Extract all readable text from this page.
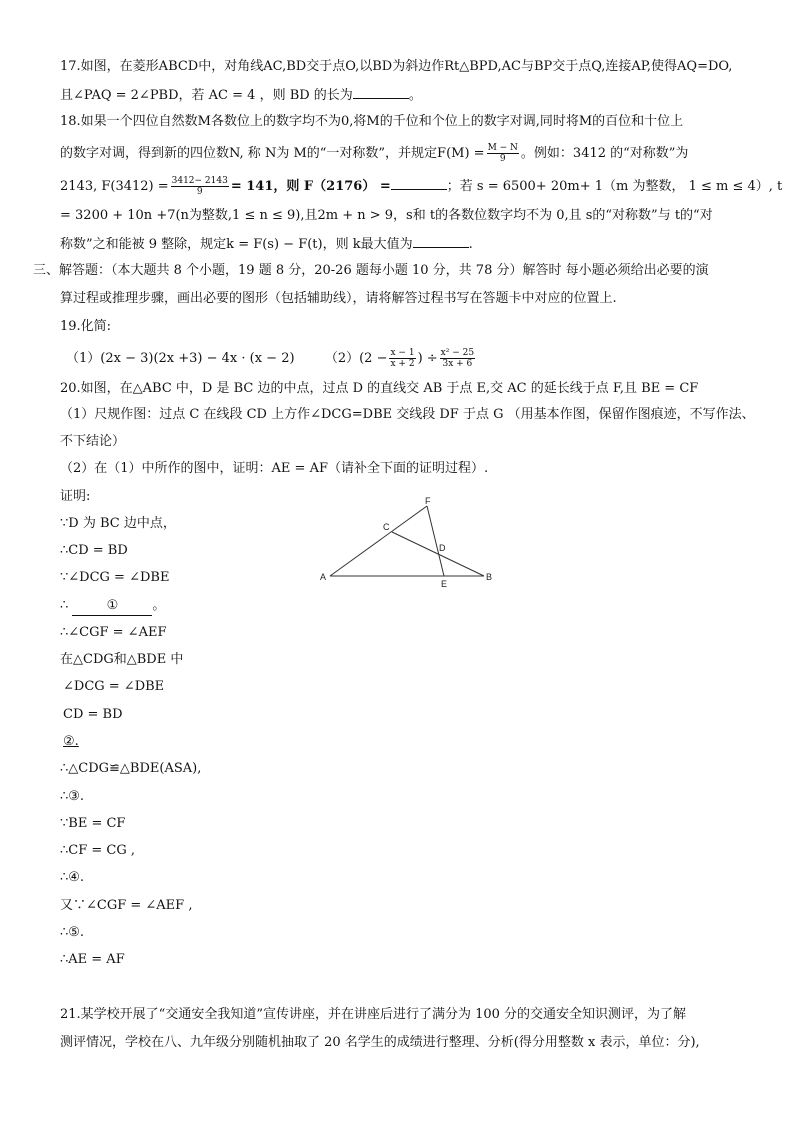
17.如图，在菱形ABCD中，对角线AC,BD交于点O,以BD为斜边作Rt△BPD,AC与BP交于点Q,连接AP,使得AQ=DO,
且∠PAQ = 2∠PBD，若 AC = 4 ，则 BD 的长为	。
18.如果一个四位自然数M各数位上的数字均不为0,将M的千位和个位上的数字对调,同时将M的百位和十位上
的数字对调，得到新的四位数N, 称 N为 M的“一对称数”，并规定$F(M) = \frac{M - N}{9}$ 。例如：3412 的“对称数”为
2143, $F(3412) = \frac{3412- 2143}{9} = 141$，则 F（2176） =	；若 s = 6500+ 20m+ 1（m 为整数， 1 ≤ m ≤ 4）, t
= 3200 + 10n +7(n为整数,1 ≤ n ≤ 9),且2m + n > 9，s和 t的各数位数字均不为 0,且 s的“对称数”与 t的“对
称数”之和能被 9 整除，规定k = F(s) − F(t)，则 k最大值为	.
三、解答题：（本大题共 8 个小题，19 题 8 分，20-26 题每小题 10 分，共 78 分）解答时 每小题必须给出必要的演
算过程或推理步骤，画出必要的图形（包括辅助线），请将解答过程书写在答题卡中对应的位置上.
19.化简:
（1）(2x − 3)(2x +3) − 4x · (x − 2) $(2)(2 - \frac{x - 1}{x + 2}$ ) ÷ $\frac{\text{x² − 25}}{3x + 6}$
20.如图，在△ABC 中，D 是 BC 边的中点，过点 D 的直线交 AB 于点 E,交 AC 的延长线于点 F,且 BE = CF
（1）尺规作图：过点 C 在线段 CD 上方作∠DCG=DBE 交线段 DF 于点 G （用基本作图，保留作图痕迹，不写作法、
不下结论）
（2）在（1）中所作的图中，证明：AE = AF（请补全下面的证明过程）.
证明:
∵D 为 BC 边中点，
∴CD = BD
∵∠DCG = ∠DBE
∴	①	。
∴∠CGF = ∠AEF
在△CDG和△BDE 中
∠DCG = ∠DBE
CD = BD
②.
∴△CDG≌△BDE(ASA),
∴③.
∵BE = CF
∴CF = CG ,
∴④.
又∵∠CGF = ∠AEF ,
∴⑤.
∴AE = AF
A	B
C
D
E
F
21.某学校开展了“交通安全我知道”宣传讲座，并在讲座后进行了满分为 100 分的交通安全知识测评，为了解
测评情况，学校在八、九年级分别随机抽取了 20 名学生的成绩进行整理、分析(得分用整数 x 表示，单位：分),
